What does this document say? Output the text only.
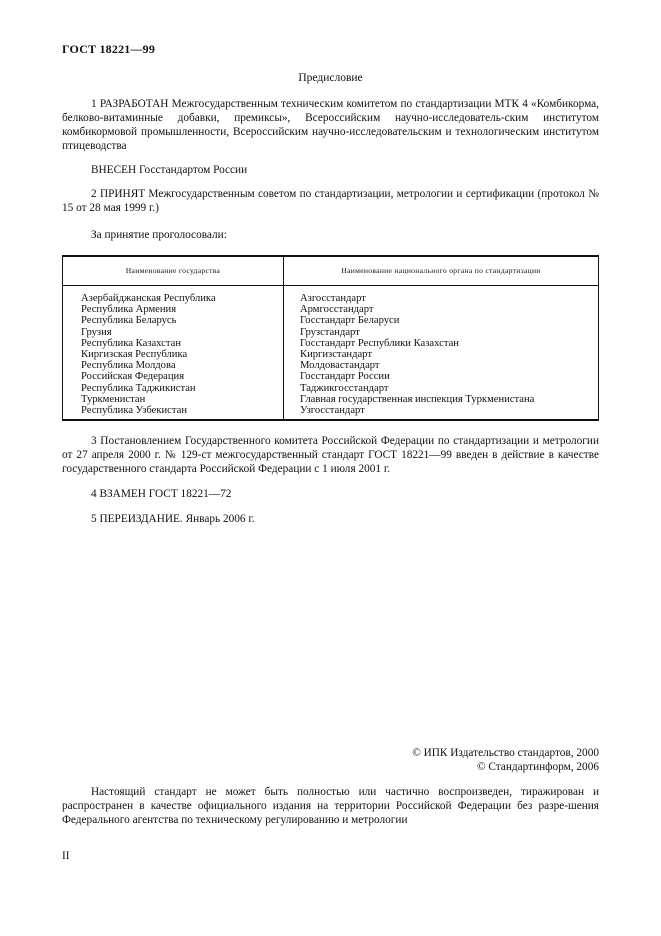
ГОСТ 18221—99
Предисловие

1 РАЗРАБОТАН Межгосударственным техническим комитетом по стандартизации МТК 4 «Комбикорма, белково-витаминные добавки, премиксы», Всероссийским научно-исследователь-ским институтом комбикормовой промышленности, Всероссийским научно-исследовательским и технологическим институтом птицеводства

ВНЕСЕН Госстандартом России

2 ПРИНЯТ Межгосударственным советом по стандартизации, метрологии и сертификации (протокол № 15 от 28 мая 1999 г.)

За принятие проголосовали:

Наименование государства	Наименование национального органа по стандартизации
Азербайджанская Республика
Республика Армения
Республика Беларусь
Грузия
Республика Казахстан
Киргизская Республика
Республика Молдова
Российская Федерация
Республика Таджикистан
Туркменистан
Республика Узбекистан
Азгосстандарт
Армгосстандарт
Госстандарт Беларуси
Грузстандарт
Госстандарт Республики Казахстан
Киргизстандарт
Молдовастандарт
Госстандарт России
Таджикгосстандарт
Главная государственная инспекция Туркменистана
Узгосстандарт

3 Постановлением Государственного комитета Российской Федерации по стандартизации и метрологии от 27 апреля 2000 г. № 129-ст межгосударственный стандарт ГОСТ 18221—99 введен в действие в качестве государственного стандарта Российской Федерации с 1 июля 2001 г.

4 ВЗАМЕН ГОСТ 18221—72

5 ПЕРЕИЗДАНИЕ. Январь 2006 г.

© ИПК Издательство стандартов, 2000
© Стандартинформ, 2006

Настоящий стандарт не может быть полностью или частично воспроизведен, тиражирован и распространен в качестве официального издания на территории Российской Федерации без разре-шения Федерального агентства по техническому регулированию и метрологии

II
